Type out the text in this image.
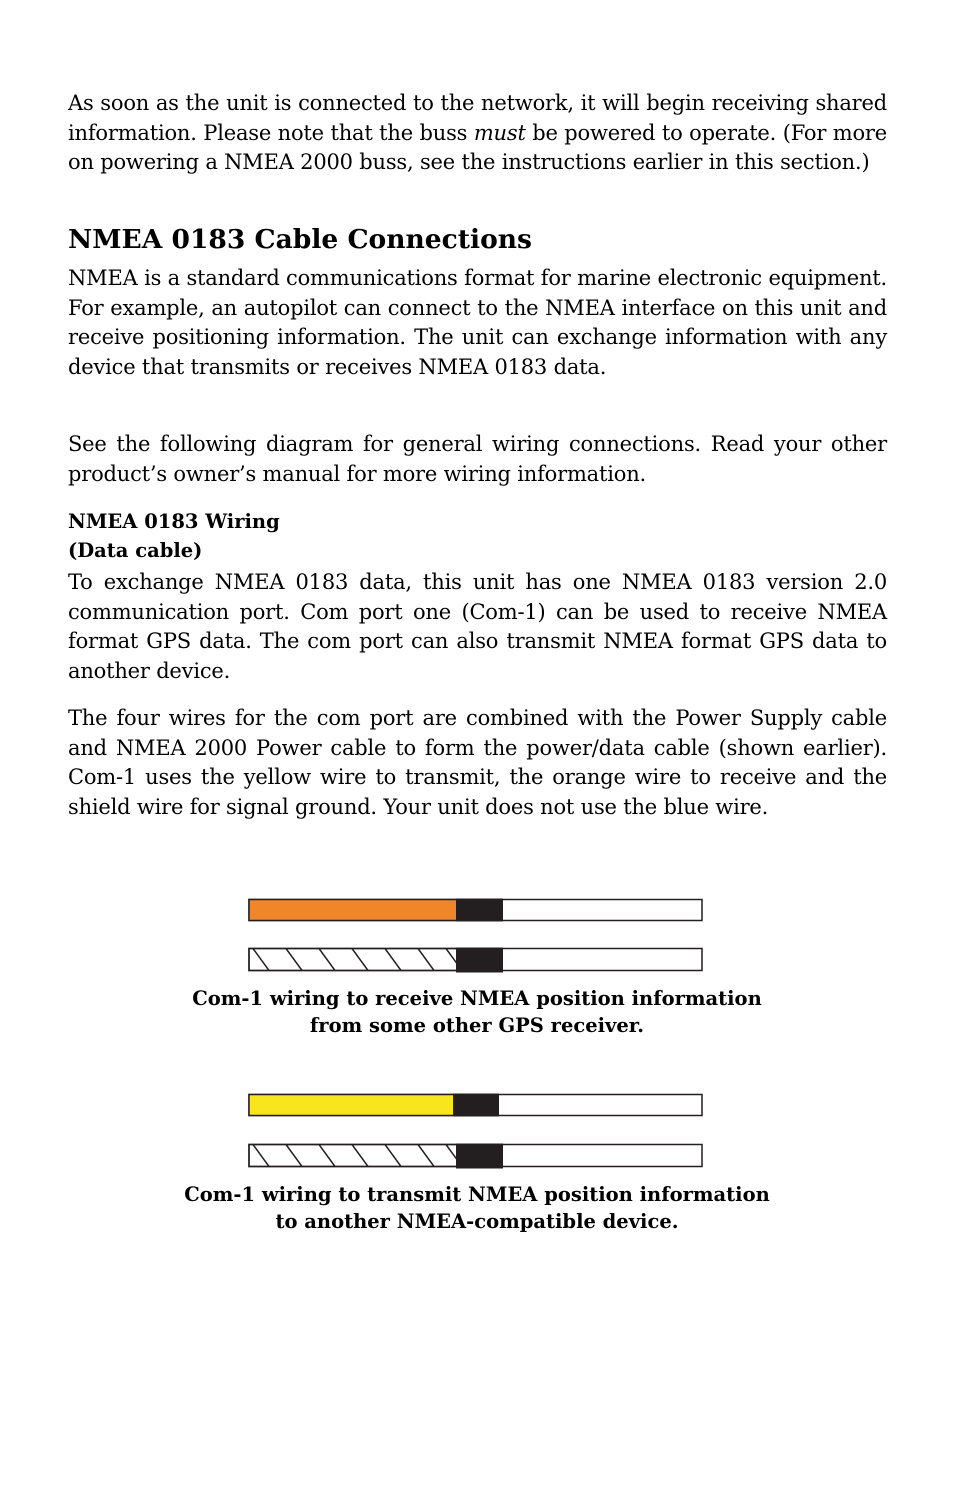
As soon as the unit is connected to the network, it will begin receiving shared information. Please note that the buss must be powered to operate. (For more on powering a NMEA 2000 buss, see the instructions earlier in this section.)

NMEA 0183 Cable Connections

NMEA is a standard communications format for marine electronic equipment. For example, an autopilot can connect to the NMEA interface on this unit and receive positioning information. The unit can exchange information with any device that transmits or receives NMEA 0183 data.

See the following diagram for general wiring connections. Read your other product’s owner’s manual for more wiring information.

NMEA 0183 Wiring
(Data cable)

To exchange NMEA 0183 data, this unit has one NMEA 0183 version 2.0 communication port. Com port one (Com-1) can be used to receive NMEA format GPS data. The com port can also transmit NMEA format GPS data to another device.

The four wires for the com port are combined with the Power Supply cable and NMEA 2000 Power cable to form the power/data cable (shown earlier). Com-1 uses the yellow wire to transmit, the orange wire to receive and the shield wire for signal ground. Your unit does not use the blue wire.

Com-1 wiring to receive NMEA position information
from some other GPS receiver.
Com-1 wiring to transmit NMEA position information
to another NMEA-compatible device.
